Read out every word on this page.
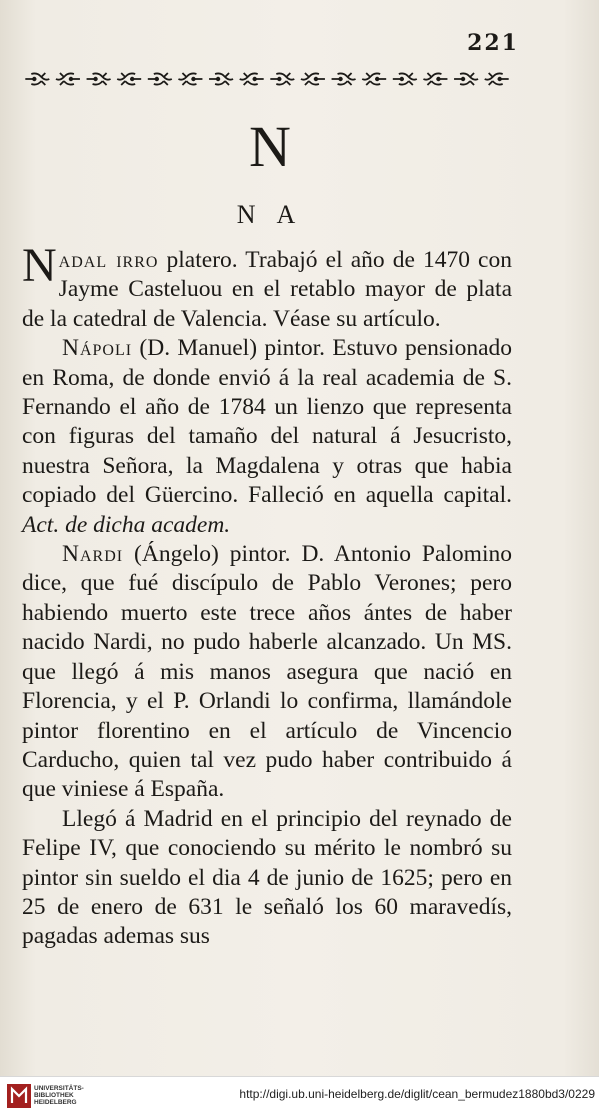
221
N
N A

Nadal irro platero. Trabajó el año de 1470 con Jayme Casteluou en el retablo mayor de plata de la catedral de Valencia. Véase su artículo.

Nápoli (D. Manuel) pintor. Estuvo pensionado en Roma, de donde envió á la real academia de S. Fernando el año de 1784 un lienzo que representa con figuras del tamaño del natural á Jesucristo, nuestra Señora, la Magdalena y otras que habia copiado del Güercino. Falleció en aquella capital. Act. de dicha academ.

Nardi (Ángelo) pintor. D. Antonio Palomino dice, que fué discípulo de Pablo Verones; pero habiendo muerto este trece años ántes de haber nacido Nardi, no pudo haberle alcanzado. Un MS. que llegó á mis manos asegura que nació en Florencia, y el P. Orlandi lo confirma, llamándole pintor florentino en el artículo de Vincencio Carducho, quien tal vez pudo haber contribuido á que viniese á España.

Llegó á Madrid en el principio del reynado de Felipe IV, que conociendo su mérito le nombró su pintor sin sueldo el dia 4 de junio de 1625; pero en 25 de enero de 631 le señaló los 60 maravedís, pagadas ademas sus

UNIVERSITÄTS-
BIBLIOTHEK
HEIDELBERG
http://digi.ub.uni-heidelberg.de/diglit/cean_bermudez1880bd3/0229
